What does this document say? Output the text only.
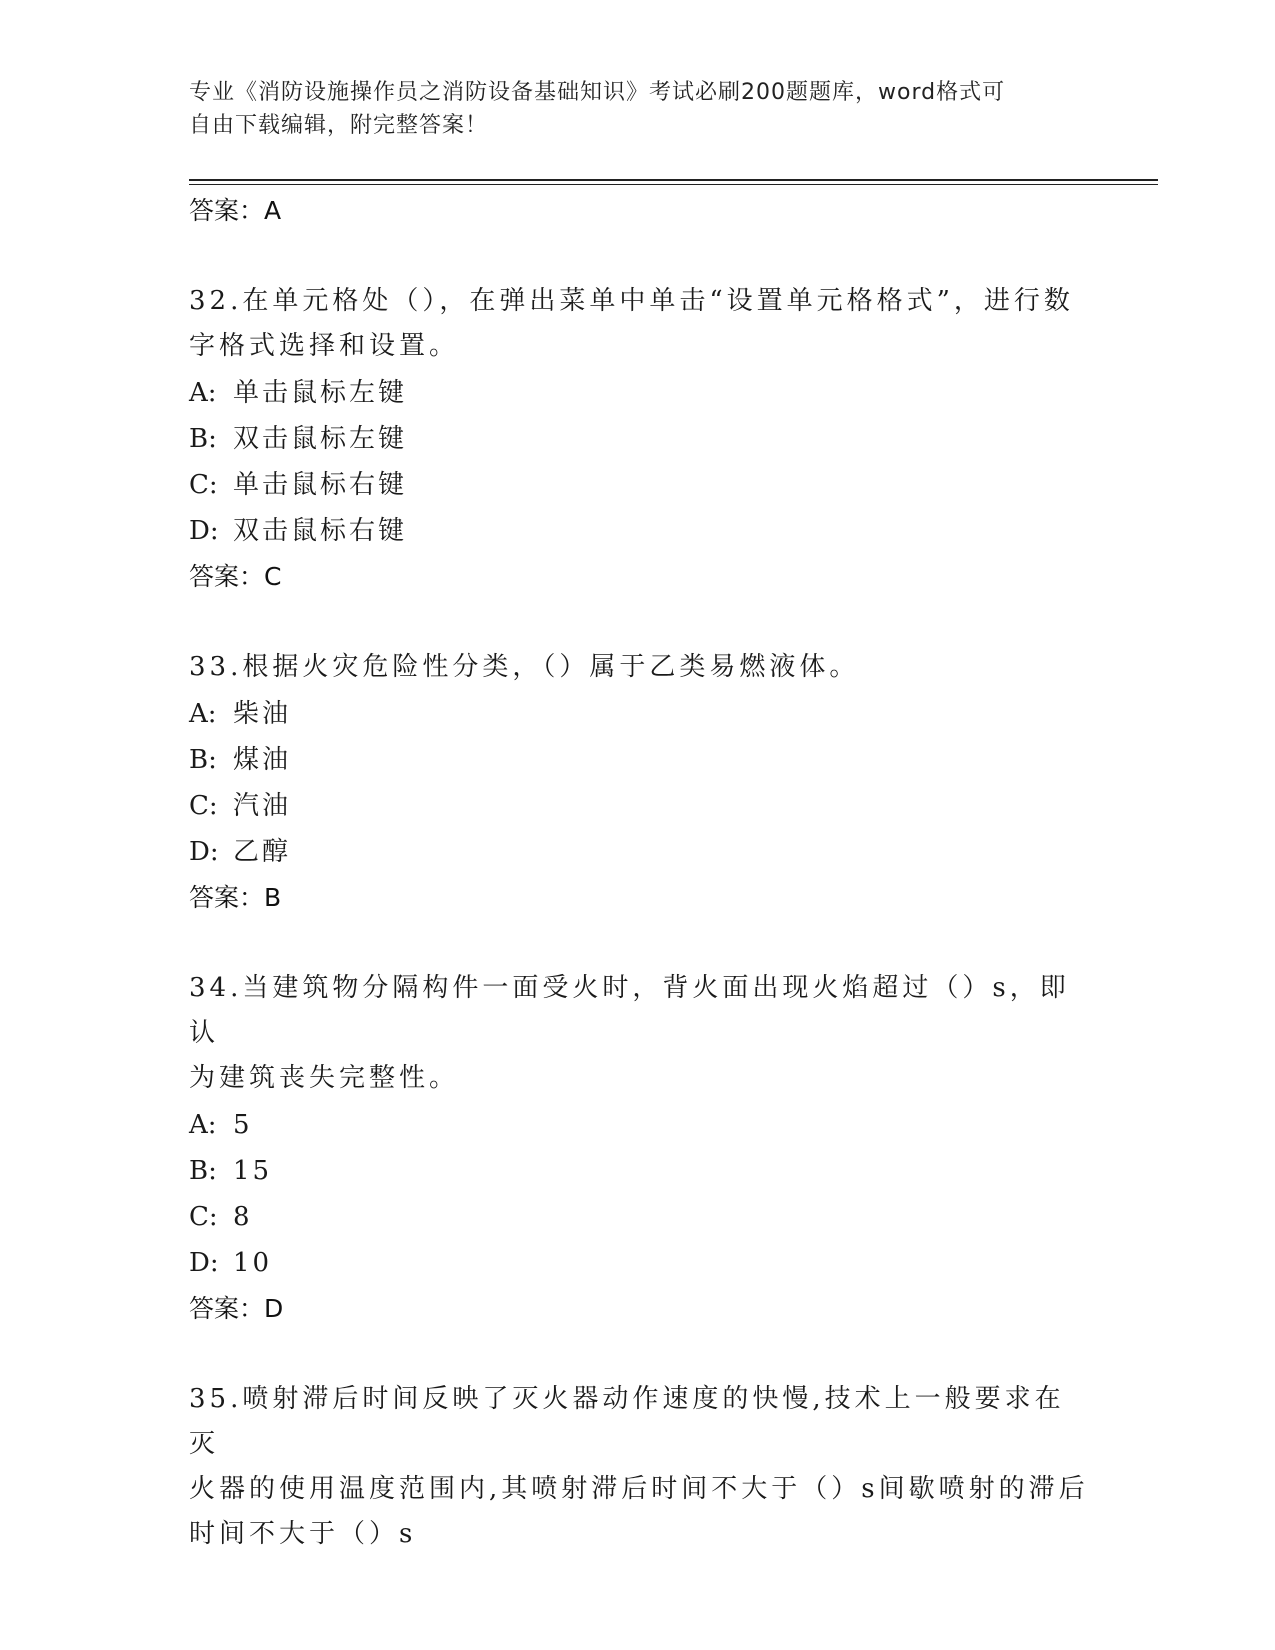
专业《消防设施操作员之消防设备基础知识》考试必刷200题题库，word格式可
自由下载编辑，附完整答案！
答案：A
32.在单元格处（），在弹出菜单中单击“设置单元格格式”，进行数
字格式选择和设置。
A: 单击鼠标左键
B: 双击鼠标左键
C: 单击鼠标右键
D: 双击鼠标右键
答案：C
33.根据火灾危险性分类，（）属于乙类易燃液体。
A: 柴油
B: 煤油
C: 汽油
D: 乙醇
答案：B
34.当建筑物分隔构件一面受火时，背火面出现火焰超过（）s，即认
为建筑丧失完整性。
A: 5
B: 15
C: 8
D: 10
答案：D
35.喷射滞后时间反映了灭火器动作速度的快慢,技术上一般要求在灭
火器的使用温度范围内,其喷射滞后时间不大于（）s间歇喷射的滞后
时间不大于（）s
